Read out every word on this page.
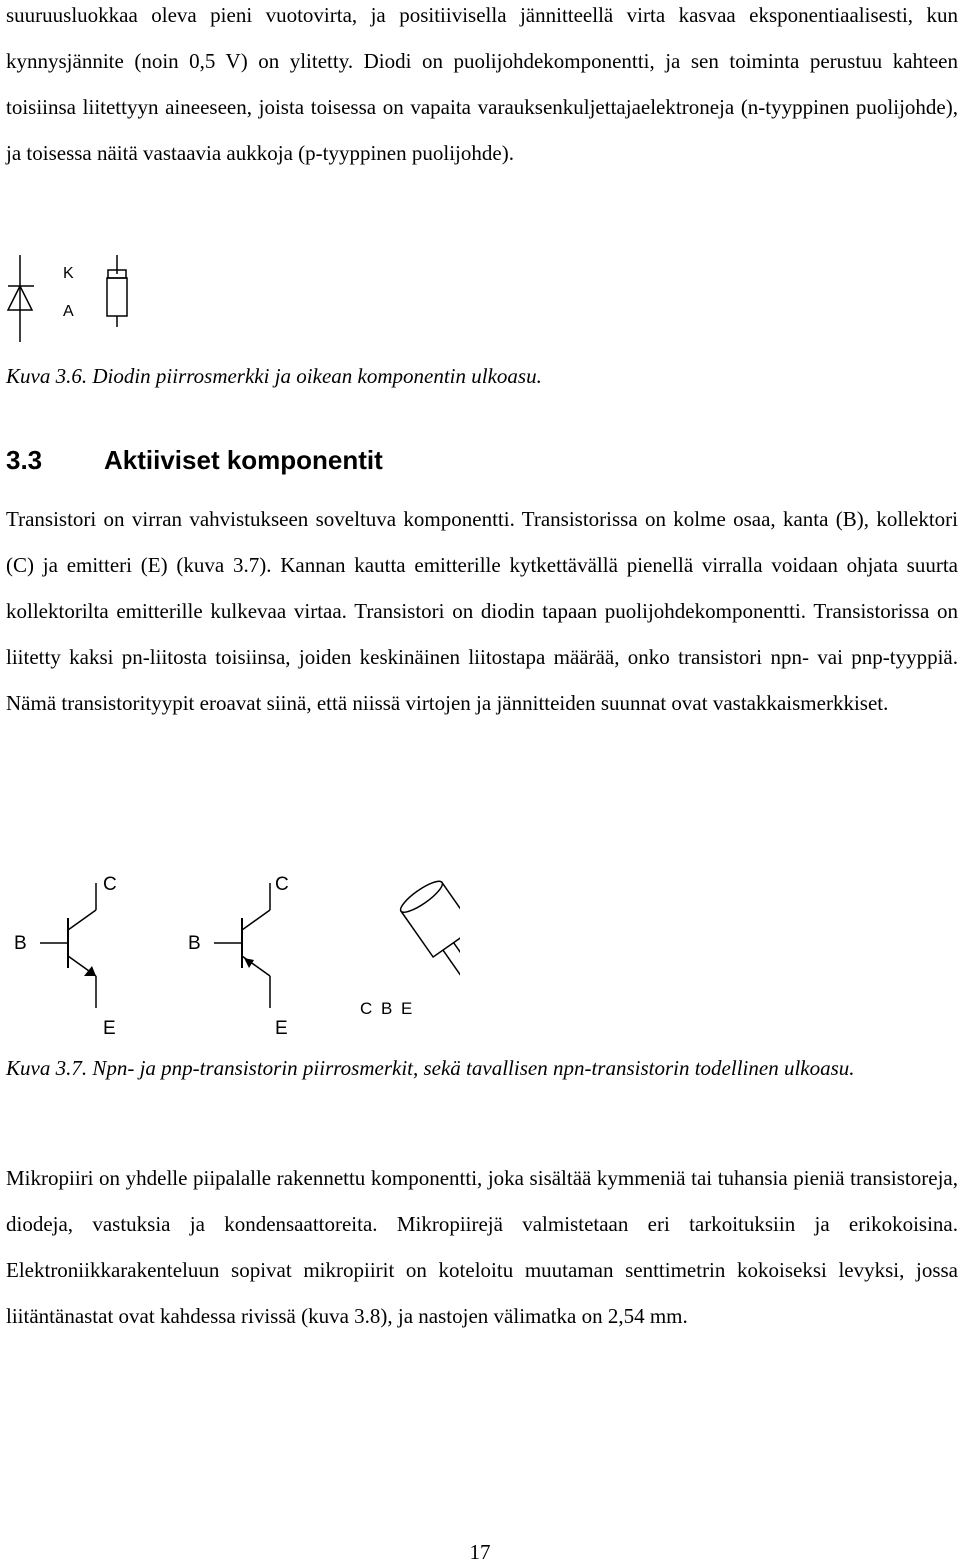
suuruusluokkaa oleva pieni vuotovirta, ja positiivisella jännitteellä virta kasvaa eksponentiaalisesti, kun kynnysjännite (noin 0,5 V) on ylitetty. Diodi on puolijohdekomponentti, ja sen toiminta perustuu kahteen toisiinsa liitettyyn aineeseen, joista toisessa on vapaita varauksenkuljettajaelektroneja (n-tyyppinen puolijohde), ja toisessa näitä vastaavia aukkoja (p-tyyppinen puolijohde).
K
A
Kuva 3.6. Diodin piirrosmerkki ja oikean komponentin ulkoasu.
3.3 Aktiiviset komponentit
Transistori on virran vahvistukseen soveltuva komponentti. Transistorissa on kolme osaa, kanta (B), kollektori (C) ja emitteri (E) (kuva 3.7). Kannan kautta emitterille kytkettävällä pienellä virralla voidaan ohjata suurta kollektorilta emitterille kulkevaa virtaa. Transistori on diodin tapaan puolijohdekomponentti. Transistorissa on liitetty kaksi pn-liitosta toisiinsa, joiden keskinäinen liitostapa määrää, onko transistori npn- vai pnp-tyyppiä. Nämä transistorityypit eroavat siinä, että niissä virtojen ja jännitteiden suunnat ovat vastakkaismerkkiset.
C
B
E
C
B
E
C B E
Kuva 3.7. Npn- ja pnp-transistorin piirrosmerkit, sekä tavallisen npn-transistorin todellinen ulkoasu.
Mikropiiri on yhdelle piipalalle rakennettu komponentti, joka sisältää kymmeniä tai tuhansia pieniä transistoreja, diodeja, vastuksia ja kondensaattoreita. Mikropiirejä valmistetaan eri tarkoituksiin ja erikokoisina. Elektroniikkarakenteluun sopivat mikropiirit on koteloitu muutaman senttimetrin kokoiseksi levyksi, jossa liitäntänastat ovat kahdessa rivissä (kuva 3.8), ja nastojen välimatka on 2,54 mm.
17
